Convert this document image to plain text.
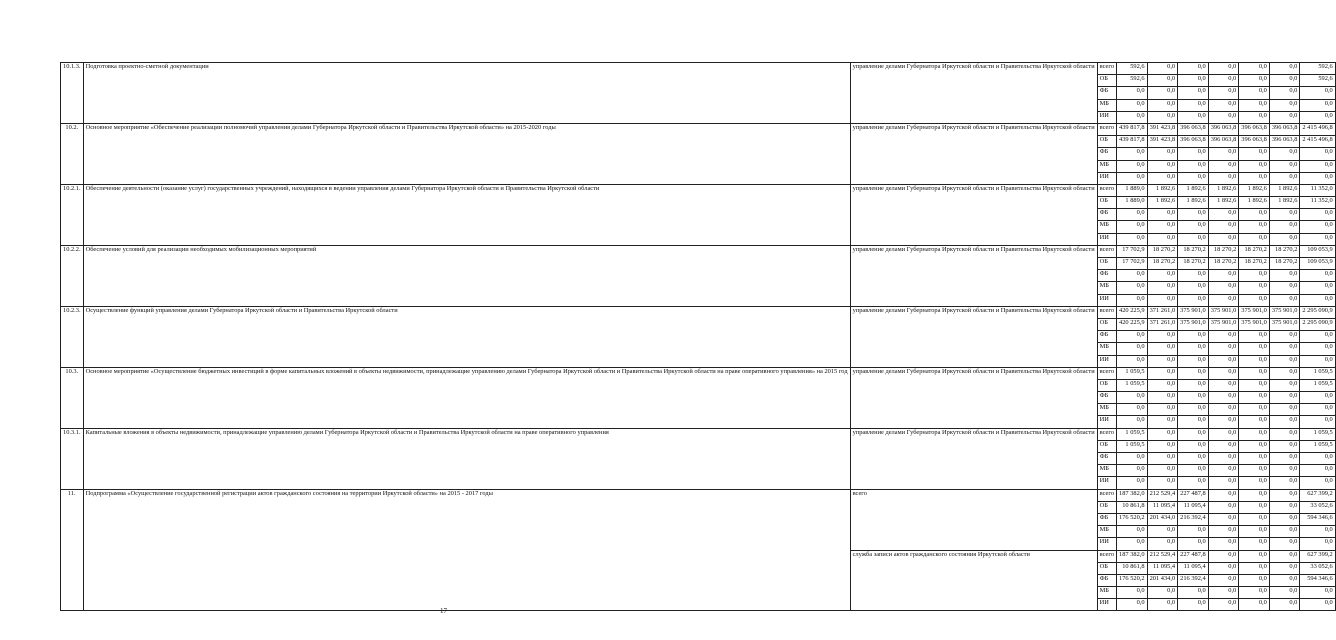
10.1.3.	Подготовка проектно-сметной документации	управление делами Губернатора Иркутской области и Правительства Иркутской области	всего	592,6	0,0	0,0	0,0	0,0	0,0	592,6
			ОБ	592,6	0,0	0,0	0,0	0,0	0,0	592,6
			ФБ	0,0	0,0	0,0	0,0	0,0	0,0	0,0
			МБ	0,0	0,0	0,0	0,0	0,0	0,0	0,0
			ИИ	0,0	0,0	0,0	0,0	0,0	0,0	0,0
10.2.	Основное мероприятие «Обеспечение реализации полномочий управления делами Губернатора Иркутской области и Правительства Иркутской области» на 2015-2020 годы	управление делами Губернатора Иркутской области и Правительства Иркутской области	всего	439 817,8	391 423,8	396 063,8	396 063,8	396 063,8	396 063,8	2 415 496,8
			ОБ	439 817,8	391 423,8	396 063,8	396 063,8	396 063,8	396 063,8	2 415 496,8
			ФБ	0,0	0,0	0,0	0,0	0,0	0,0	0,0
			МБ	0,0	0,0	0,0	0,0	0,0	0,0	0,0
			ИИ	0,0	0,0	0,0	0,0	0,0	0,0	0,0
10.2.1.	Обеспечение деятельности (оказание услуг) государственных учреждений, находящихся в ведении управления делами Губернатора Иркутской области и Правительства Иркутской области	управление делами Губернатора Иркутской области и Правительства Иркутской области	всего	1 889,0	1 892,6	1 892,6	1 892,6	1 892,6	1 892,6	11 352,0
			ОБ	1 889,0	1 892,6	1 892,6	1 892,6	1 892,6	1 892,6	11 352,0
			ФБ	0,0	0,0	0,0	0,0	0,0	0,0	0,0
			МБ	0,0	0,0	0,0	0,0	0,0	0,0	0,0
			ИИ	0,0	0,0	0,0	0,0	0,0	0,0	0,0
10.2.2.	Обеспечение условий для реализации необходимых мобилизационных мероприятий	управление делами Губернатора Иркутской области и Правительства Иркутской области	всего	17 702,9	18 270,2	18 270,2	18 270,2	18 270,2	18 270,2	109 053,9
			ОБ	17 702,9	18 270,2	18 270,2	18 270,2	18 270,2	18 270,2	109 053,9
			ФБ	0,0	0,0	0,0	0,0	0,0	0,0	0,0
			МБ	0,0	0,0	0,0	0,0	0,0	0,0	0,0
			ИИ	0,0	0,0	0,0	0,0	0,0	0,0	0,0
10.2.3.	Осуществление функций управления делами Губернатора Иркутской области и Правительства Иркутской области	управление делами Губернатора Иркутской области и Правительства Иркутской области	всего	420 225,9	371 261,0	375 901,0	375 901,0	375 901,0	375 901,0	2 295 090,9
			ОБ	420 225,9	371 261,0	375 901,0	375 901,0	375 901,0	375 901,0	2 295 090,9
			ФБ	0,0	0,0	0,0	0,0	0,0	0,0	0,0
			МБ	0,0	0,0	0,0	0,0	0,0	0,0	0,0
			ИИ	0,0	0,0	0,0	0,0	0,0	0,0	0,0
10.3.	Основное мероприятие «Осуществление бюджетных инвестиций в форме капитальных вложений в объекты недвижимости, принадлежащие управлению делами Губернатора Иркутской области и Правительства Иркутской области на праве оперативного управления» на 2015 год	управление делами Губернатора Иркутской области и Правительства Иркутской области	всего	1 059,5	0,0	0,0	0,0	0,0	0,0	1 059,5
			ОБ	1 059,5	0,0	0,0	0,0	0,0	0,0	1 059,5
			ФБ	0,0	0,0	0,0	0,0	0,0	0,0	0,0
			МБ	0,0	0,0	0,0	0,0	0,0	0,0	0,0
			ИИ	0,0	0,0	0,0	0,0	0,0	0,0	0,0
10.3.1.	Капитальные вложения в объекты недвижимости, принадлежащие управлению делами Губернатора Иркутской области и Правительства Иркутской области на праве оперативного управления	управление делами Губернатора Иркутской области и Правительства Иркутской области	всего	1 059,5	0,0	0,0	0,0	0,0	0,0	1 059,5
			ОБ	1 059,5	0,0	0,0	0,0	0,0	0,0	1 059,5
			ФБ	0,0	0,0	0,0	0,0	0,0	0,0	0,0
			МБ	0,0	0,0	0,0	0,0	0,0	0,0	0,0
			ИИ	0,0	0,0	0,0	0,0	0,0	0,0	0,0
11.	Подпрограмма «Осуществление государственной регистрации актов гражданского состояния на территории Иркутской области» на 2015 - 2017 годы	всего	всего	187 382,0	212 529,4	227 487,8	0,0	0,0	0,0	627 399,2
			ОБ	10 861,8	11 095,4	11 095,4	0,0	0,0	0,0	33 052,6
			ФБ	176 520,2	201 434,0	216 392,4	0,0	0,0	0,0	594 346,6
			МБ	0,0	0,0	0,0	0,0	0,0	0,0	0,0
			ИИ	0,0	0,0	0,0	0,0	0,0	0,0	0,0
		служба записи актов гражданского состояния Иркутской области	всего	187 382,0	212 529,4	227 487,8	0,0	0,0	0,0	627 399,2
			ОБ	10 861,8	11 095,4	11 095,4	0,0	0,0	0,0	33 052,6
			ФБ	176 520,2	201 434,0	216 392,4	0,0	0,0	0,0	594 346,6
			МБ	0,0	0,0	0,0	0,0	0,0	0,0	0,0
			ИИ	0,0	0,0	0,0	0,0	0,0	0,0	0,0
17
